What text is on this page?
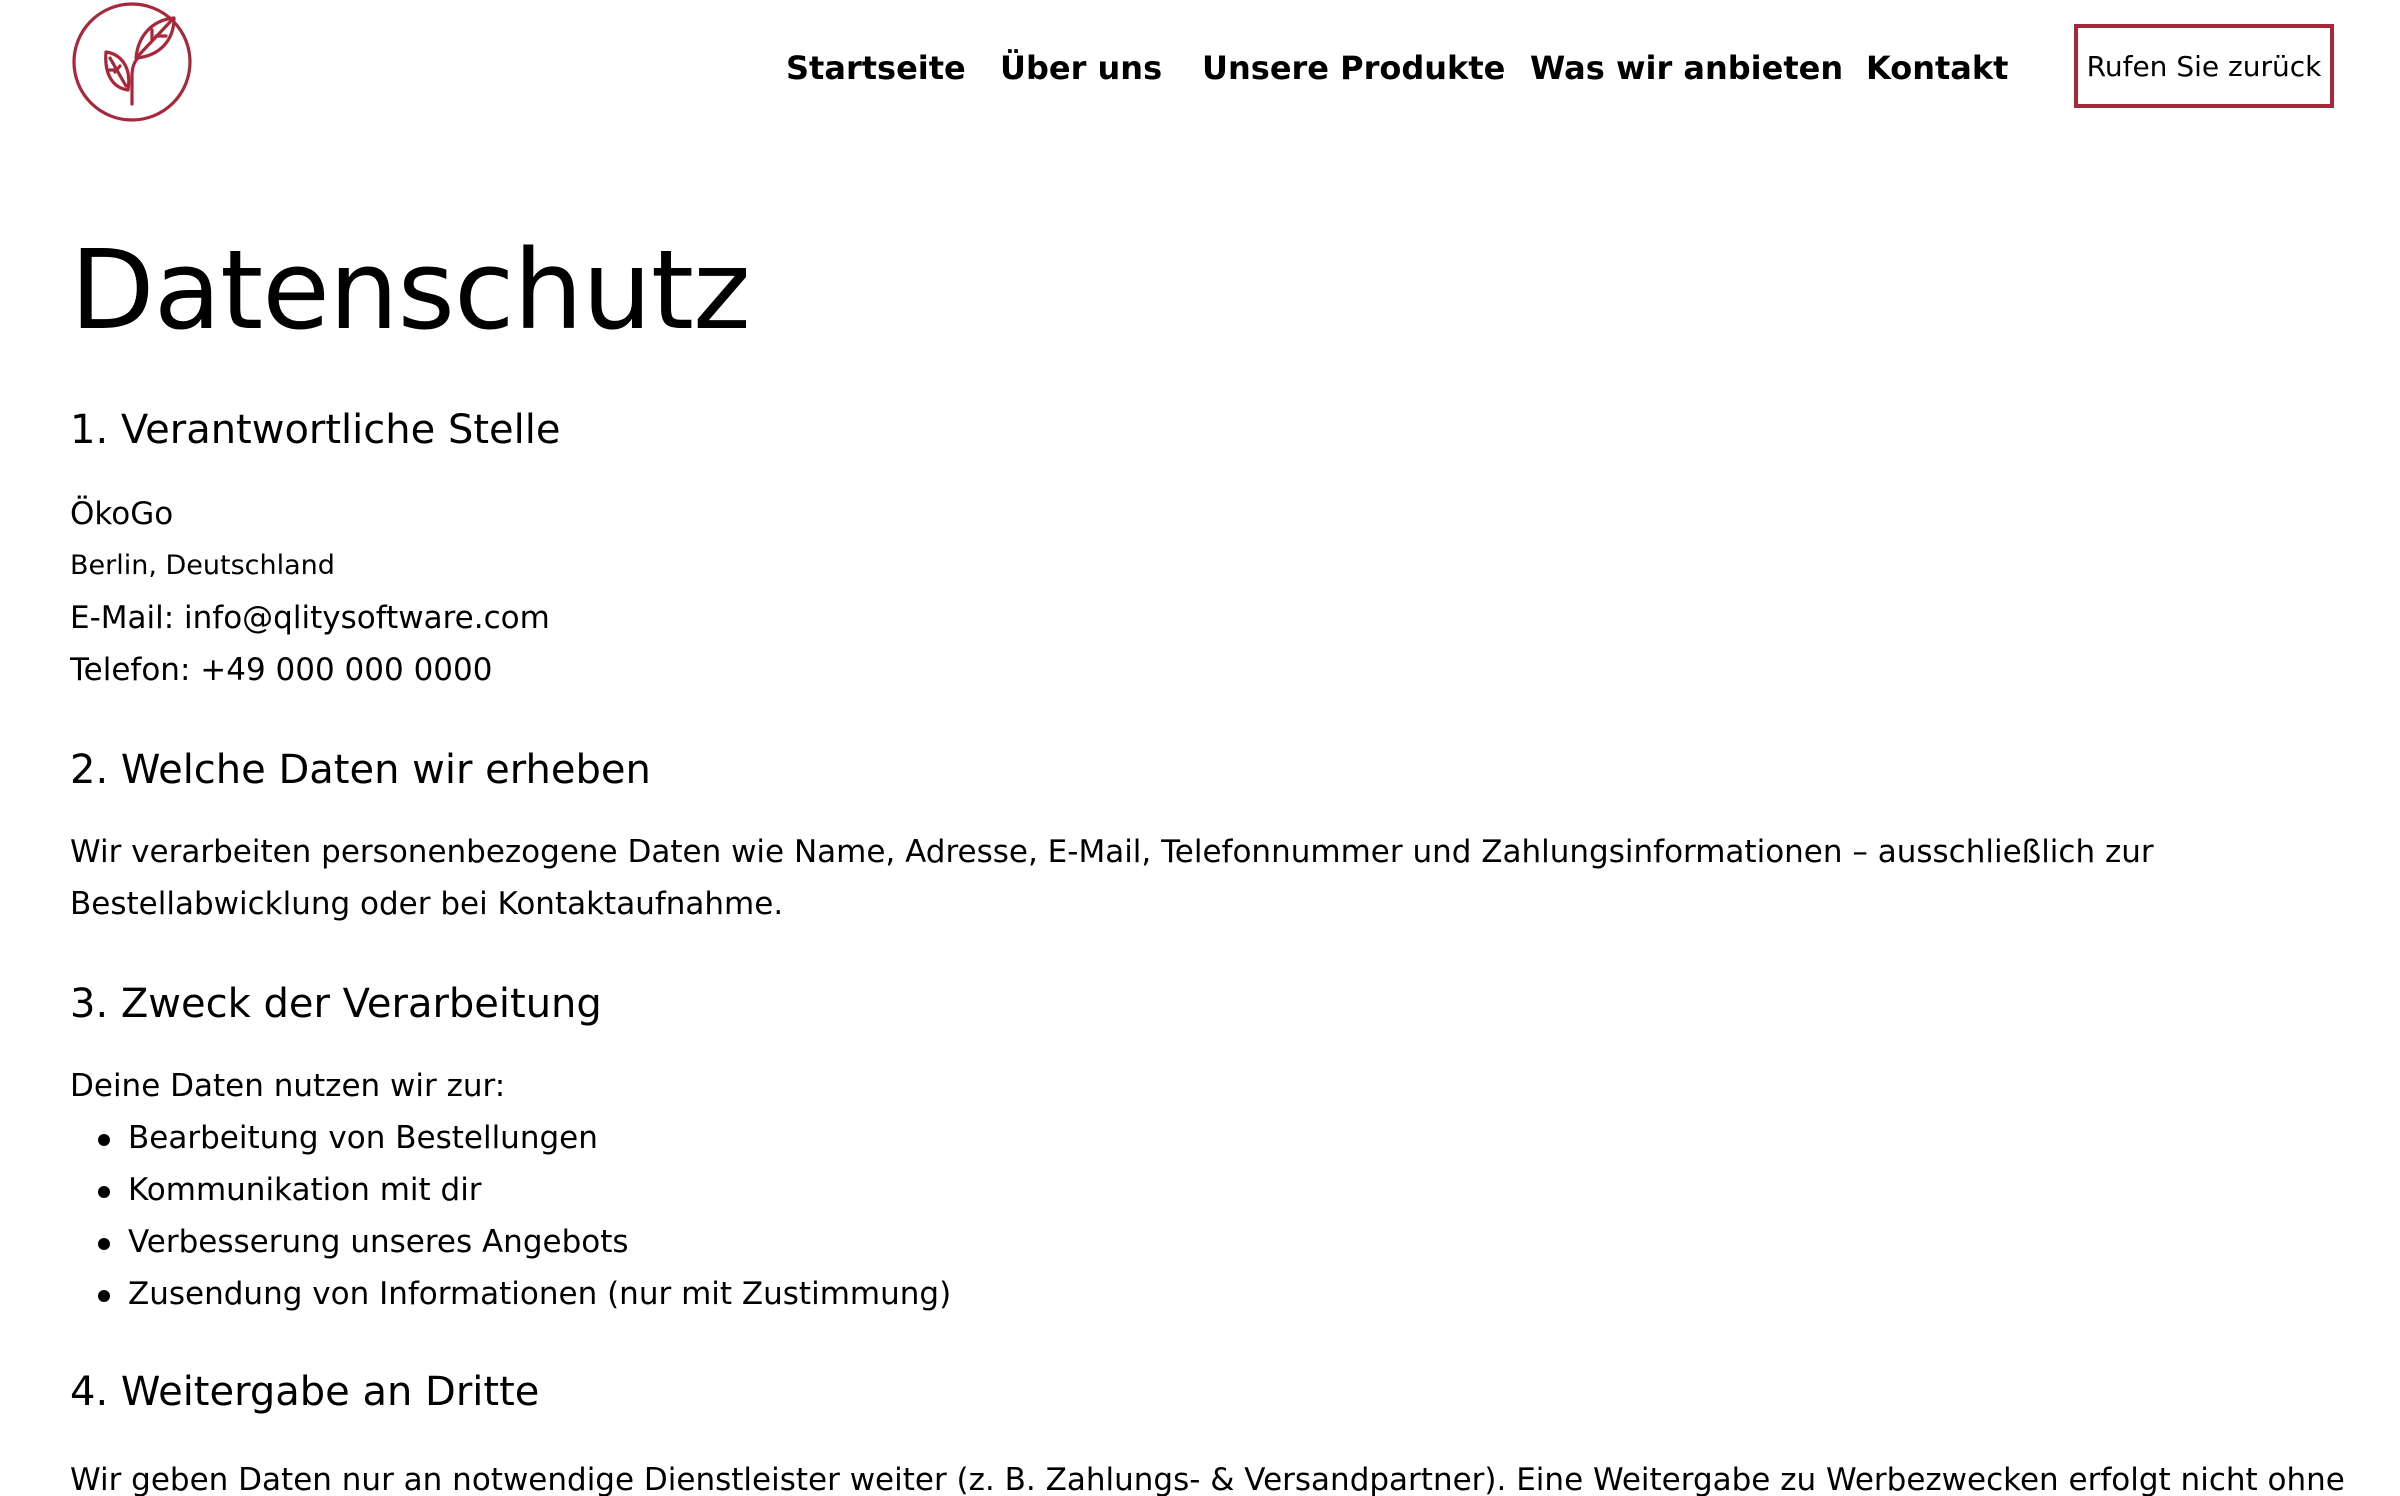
Startseite Über uns Unsere Produkte Was wir anbieten Kontakt	Rufen Sie zurück
Datenschutz
1. Verantwortliche Stelle

ÖkoGo

Berlin, Deutschland

E-Mail: info@qlitysoftware.com

Telefon: +49 000 000 0000

2. Welche Daten wir erheben

Wir verarbeiten personenbezogene Daten wie Name, Adresse, E-Mail, Telefonnummer und Zahlungsinformationen – ausschließlich zur

Bestellabwicklung oder bei Kontaktaufnahme.

3. Zweck der Verarbeitung

Deine Daten nutzen wir zur:

Bearbeitung von Bestellungen
Kommunikation mit dir
Verbesserung unseres Angebots
Zusendung von Informationen (nur mit Zustimmung)
4. Weitergabe an Dritte

Wir geben Daten nur an notwendige Dienstleister weiter (z. B. Zahlungs- & Versandpartner). Eine Weitergabe zu Werbezwecken erfolgt nicht ohne
